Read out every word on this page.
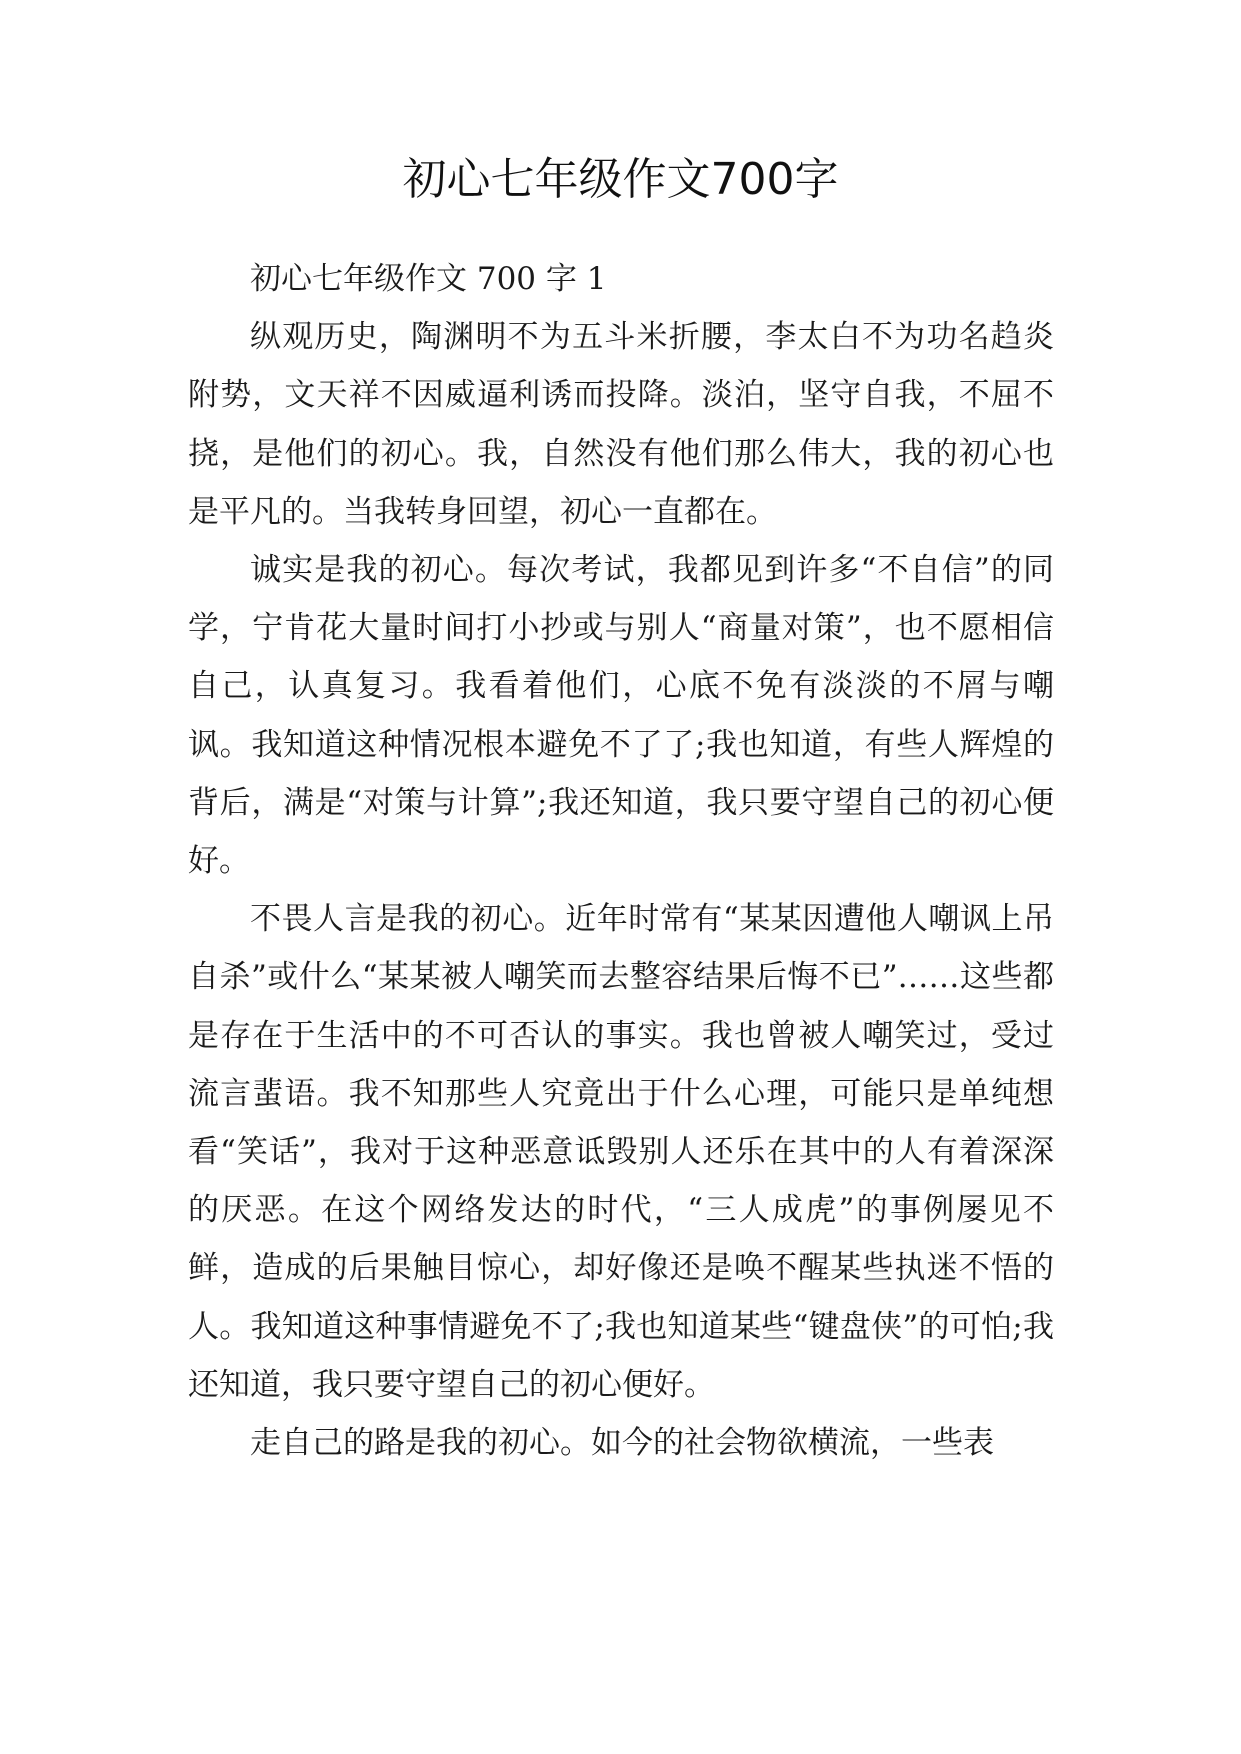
初心七年级作文700字

初心七年级作文 700 字 1

纵观历史，陶渊明不为五斗米折腰，李太白不为功名趋炎附势，文天祥不因威逼利诱而投降。淡泊，坚守自我，不屈不挠，是他们的初心。我，自然没有他们那么伟大，我的初心也是平凡的。当我转身回望，初心一直都在。

诚实是我的初心。每次考试，我都见到许多“不自信”的同学，宁肯花大量时间打小抄或与别人“商量对策”，也不愿相信自己，认真复习。我看着他们，心底不免有淡淡的不屑与嘲讽。我知道这种情况根本避免不了了;我也知道，有些人辉煌的背后，满是“对策与计算”;我还知道，我只要守望自己的初心便好。

不畏人言是我的初心。近年时常有“某某因遭他人嘲讽上吊自杀”或什么“某某被人嘲笑而去整容结果后悔不已”……这些都是存在于生活中的不可否认的事实。我也曾被人嘲笑过，受过流言蜚语。我不知那些人究竟出于什么心理，可能只是单纯想看“笑话”，我对于这种恶意诋毁别人还乐在其中的人有着深深的厌恶。在这个网络发达的时代，“三人成虎”的事例屡见不鲜，造成的后果触目惊心，却好像还是唤不醒某些执迷不悟的人。我知道这种事情避免不了;我也知道某些“键盘侠”的可怕;我还知道，我只要守望自己的初心便好。

走自己的路是我的初心。如今的社会物欲横流，一些表
